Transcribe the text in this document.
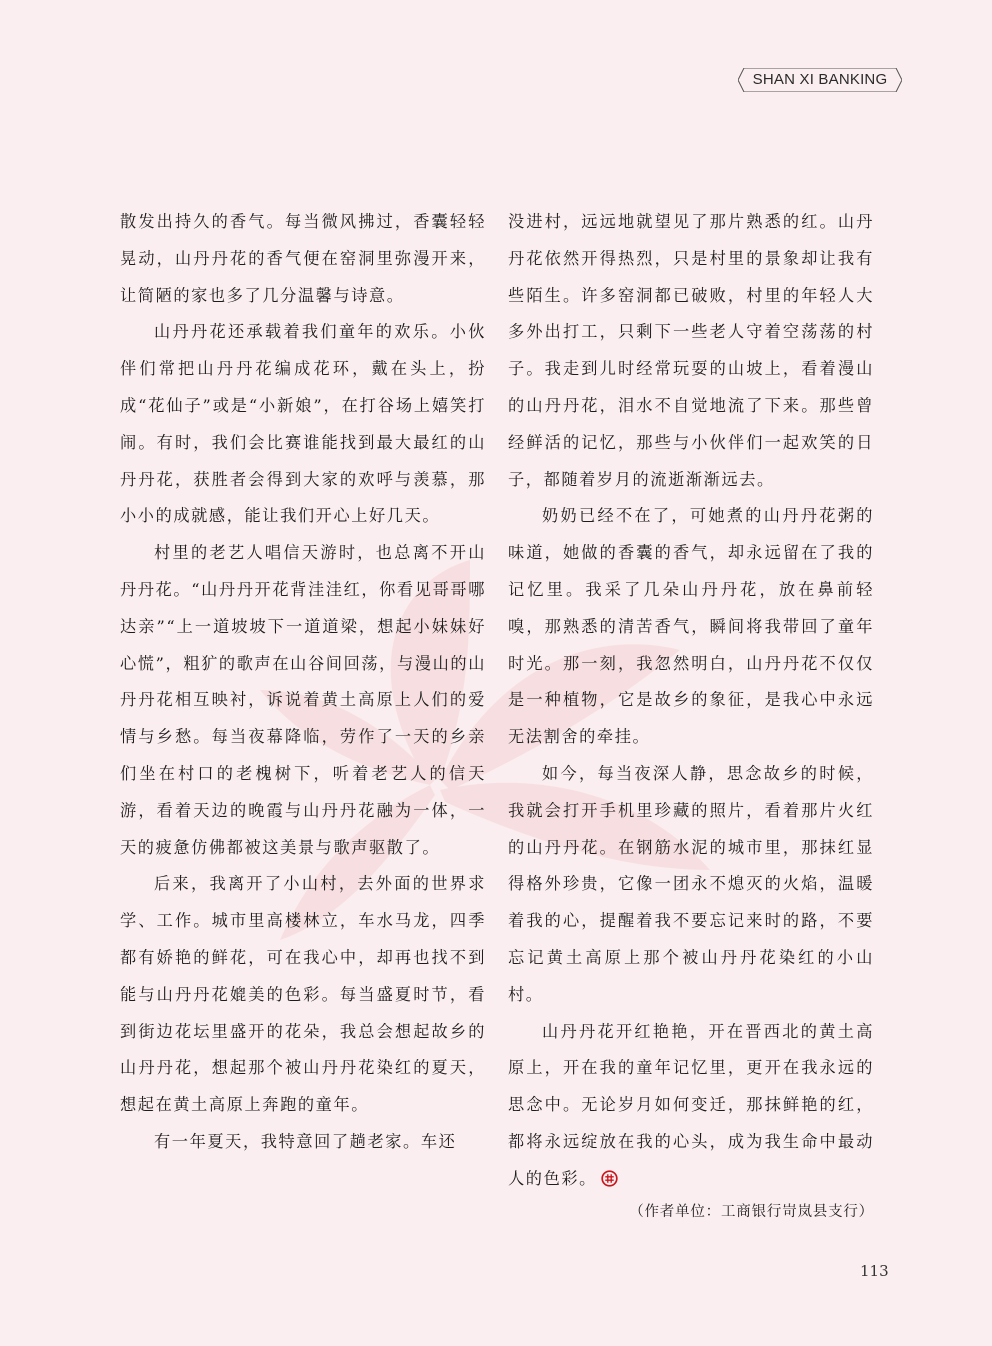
SHAN XI BANKING

散发出持久的香气。每当微风拂过，香囊轻轻晃动，山丹丹花的香气便在窑洞里弥漫开来，让简陋的家也多了几分温馨与诗意。

山丹丹花还承载着我们童年的欢乐。小伙伴们常把山丹丹花编成花环，戴在头上，扮成“花仙子”或是“小新娘”，在打谷场上嬉笑打闹。有时，我们会比赛谁能找到最大最红的山丹丹花，获胜者会得到大家的欢呼与羡慕，那小小的成就感，能让我们开心上好几天。

村里的老艺人唱信天游时，也总离不开山丹丹花。“山丹丹开花背洼洼红，你看见哥哥哪达亲”“上一道坡坡下一道道梁，想起小妹妹好心慌”，粗犷的歌声在山谷间回荡，与漫山的山丹丹花相互映衬，诉说着黄土高原上人们的爱情与乡愁。每当夜幕降临，劳作了一天的乡亲们坐在村口的老槐树下，听着老艺人的信天游，看着天边的晚霞与山丹丹花融为一体，一天的疲惫仿佛都被这美景与歌声驱散了。

后来，我离开了小山村，去外面的世界求学、工作。城市里高楼林立，车水马龙，四季都有娇艳的鲜花，可在我心中，却再也找不到能与山丹丹花媲美的色彩。每当盛夏时节，看到街边花坛里盛开的花朵，我总会想起故乡的山丹丹花，想起那个被山丹丹花染红的夏天，想起在黄土高原上奔跑的童年。

有一年夏天，我特意回了趟老家。车还

没进村，远远地就望见了那片熟悉的红。山丹丹花依然开得热烈，只是村里的景象却让我有些陌生。许多窑洞都已破败，村里的年轻人大多外出打工，只剩下一些老人守着空荡荡的村子。我走到儿时经常玩耍的山坡上，看着漫山的山丹丹花，泪水不自觉地流了下来。那些曾经鲜活的记忆，那些与小伙伴们一起欢笑的日子，都随着岁月的流逝渐渐远去。

奶奶已经不在了，可她煮的山丹丹花粥的味道，她做的香囊的香气，却永远留在了我的记忆里。我采了几朵山丹丹花，放在鼻前轻嗅，那熟悉的清苦香气，瞬间将我带回了童年时光。那一刻，我忽然明白，山丹丹花不仅仅是一种植物，它是故乡的象征，是我心中永远无法割舍的牵挂。

如今，每当夜深人静，思念故乡的时候，我就会打开手机里珍藏的照片，看着那片火红的山丹丹花。在钢筋水泥的城市里，那抹红显得格外珍贵，它像一团永不熄灭的火焰，温暖着我的心，提醒着我不要忘记来时的路，不要忘记黄土高原上那个被山丹丹花染红的小山村。

山丹丹花开红艳艳，开在晋西北的黄土高原上，开在我的童年记忆里，更开在我永远的思念中。无论岁月如何变迁，那抹鲜艳的红，都将永远绽放在我的心头，成为我生命中最动人的色彩。

（作者单位：工商银行岢岚县支行）
113
